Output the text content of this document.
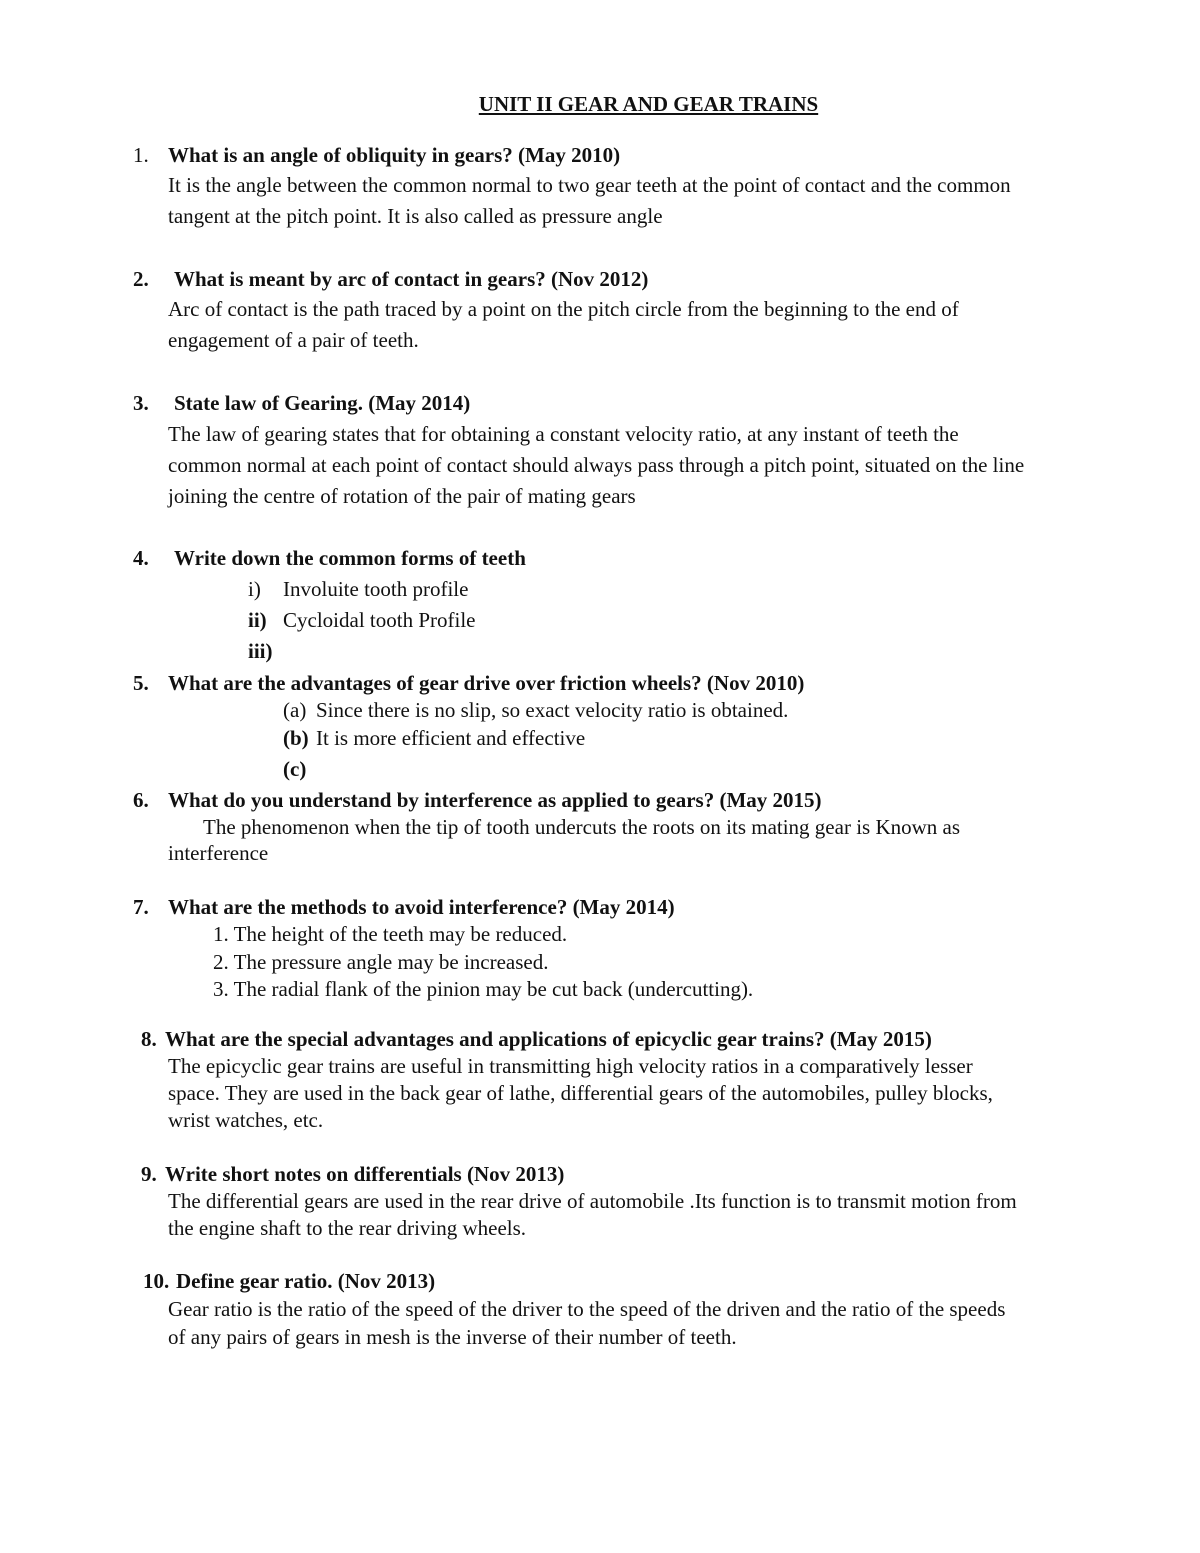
UNIT II GEAR AND GEAR TRAINS
1. What is an angle of obliquity in gears? (May 2010)
It is the angle between the common normal to two gear teeth at the point of contact and the common
tangent at the pitch point. It is also called as pressure angle
2. What is meant by arc of contact in gears? (Nov 2012)
Arc of contact is the path traced by a point on the pitch circle from the beginning to the end of
engagement of a pair of teeth.
3. State law of Gearing. (May 2014)
The law of gearing states that for obtaining a constant velocity ratio, at any instant of teeth the
common normal at each point of contact should always pass through a pitch point, situated on the line
joining the centre of rotation of the pair of mating gears
4. Write down the common forms of teeth
i) Involuite tooth profile
ii) Cycloidal tooth Profile
iii)
5. What are the advantages of gear drive over friction wheels? (Nov 2010)
(a) Since there is no slip, so exact velocity ratio is obtained.
(b) It is more efficient and effective
(c)
6. What do you understand by interference as applied to gears? (May 2015)
The phenomenon when the tip of tooth undercuts the roots on its mating gear is Known as
interference
7. What are the methods to avoid interference? (May 2014)
1. The height of the teeth may be reduced.
2. The pressure angle may be increased.
3. The radial flank of the pinion may be cut back (undercutting).
8. What are the special advantages and applications of epicyclic gear trains? (May 2015)
The epicyclic gear trains are useful in transmitting high velocity ratios in a comparatively lesser
space. They are used in the back gear of lathe, differential gears of the automobiles, pulley blocks,
wrist watches, etc.
9. Write short notes on differentials (Nov 2013)
The differential gears are used in the rear drive of automobile .Its function is to transmit motion from
the engine shaft to the rear driving wheels.
10. Define gear ratio. (Nov 2013)
Gear ratio is the ratio of the speed of the driver to the speed of the driven and the ratio of the speeds
of any pairs of gears in mesh is the inverse of their number of teeth.
